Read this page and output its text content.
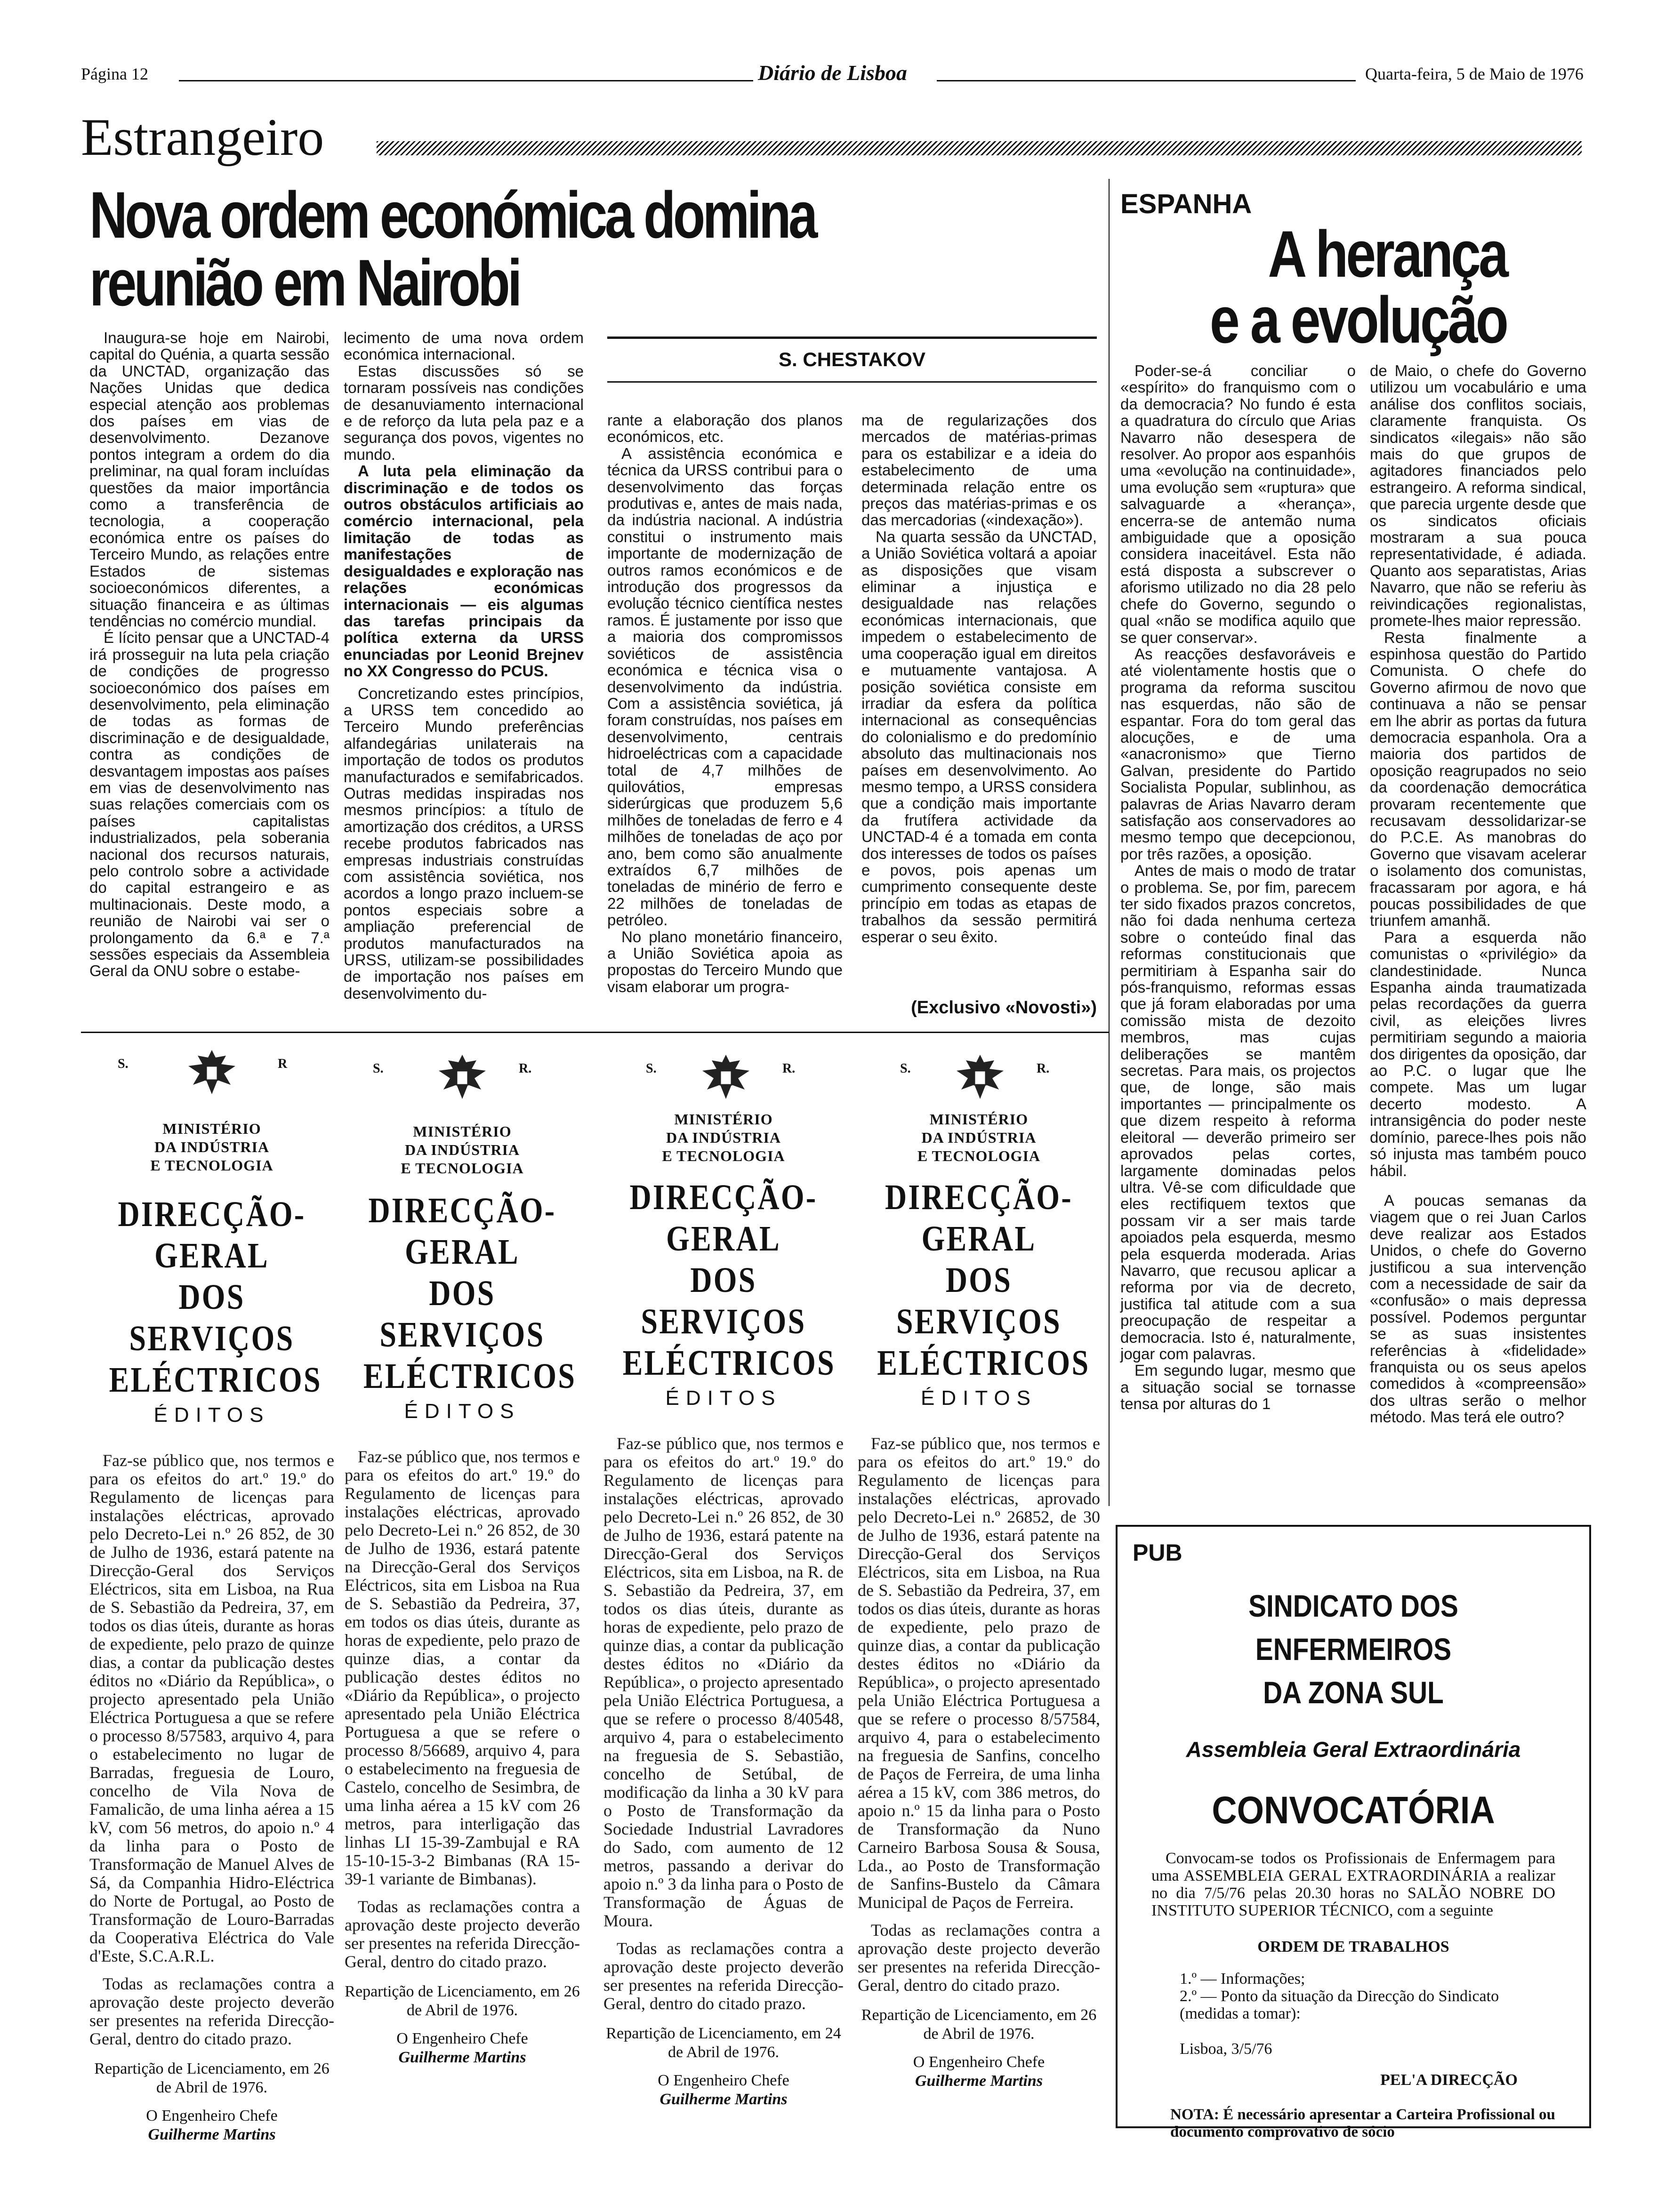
Página 12	Diário de Lisboa	Quarta-feira, 5 de Maio de 1976
Estrangeiro
Nova ordem económica domina
reunião em Nairobi
S. CHESTAKOV

Inaugura-se hoje em Nairobi, capital do Quénia, a quarta sessão da UNCTAD, organização das Nações Unidas que dedica especial atenção aos problemas dos países em vias de desenvolvimento. Dezanove pontos integram a ordem do dia preliminar, na qual foram incluídas questões da maior importância como a transferência de tecnologia, a cooperação económica entre os países do Terceiro Mundo, as relações entre Estados de sistemas socioeconómicos diferentes, a situação financeira e as últimas tendências no comércio mundial.

É lícito pensar que a UNCTAD-4 irá prosseguir na luta pela criação de condições de progresso socioeconómico dos países em desenvolvimento, pela eliminação de todas as formas de discriminação e de desigualdade, contra as condições de desvantagem impostas aos países em vias de desenvolvimento nas suas relações comerciais com os países capitalistas industrializados, pela soberania nacional dos recursos naturais, pelo controlo sobre a actividade do capital estrangeiro e as multinacionais. Deste modo, a reunião de Nairobi vai ser o prolongamento da 6.ª e 7.ª sessões especiais da Assembleia Geral da ONU sobre o estabe-

lecimento de uma nova ordem económica internacional.

Estas discussões só se tornaram possíveis nas condições de desanuviamento internacional e de reforço da luta pela paz e a segurança dos povos, vigentes no mundo.

A luta pela eliminação da discriminação e de todos os outros obstáculos artificiais ao comércio internacional, pela limitação de todas as manifestações de desigualdades e exploração nas relações económicas internacionais — eis algumas das tarefas principais da política externa da URSS enunciadas por Leonid Brejnev no XX Congresso do PCUS.

Concretizando estes princípios, a URSS tem concedido ao Terceiro Mundo preferências alfandegárias unilaterais na importação de todos os produtos manufacturados e semifabricados. Outras medidas inspiradas nos mesmos princípios: a título de amortização dos créditos, a URSS recebe produtos fabricados nas empresas industriais construídas com assistência soviética, nos acordos a longo prazo incluem-se pontos especiais sobre a ampliação preferencial de produtos manufacturados na URSS, utilizam-se possibilidades de importação nos países em desenvolvimento du-

rante a elaboração dos planos económicos, etc.

A assistência económica e técnica da URSS contribui para o desenvolvimento das forças produtivas e, antes de mais nada, da indústria nacional. A indústria constitui o instrumento mais importante de modernização de outros ramos económicos e de introdução dos progressos da evolução técnico científica nestes ramos. É justamente por isso que a maioria dos compromissos soviéticos de assistência económica e técnica visa o desenvolvimento da indústria. Com a assistência soviética, já foram construídas, nos países em desenvolvimento, centrais hidroeléctricas com a capacidade total de 4,7 milhões de quilovátios, empresas siderúrgicas que produzem 5,6 milhões de toneladas de ferro e 4 milhões de toneladas de aço por ano, bem como são anualmente extraídos 6,7 milhões de toneladas de minério de ferro e 22 milhões de toneladas de petróleo.

No plano monetário financeiro, a União Soviética apoia as propostas do Terceiro Mundo que visam elaborar um progra-

ma de regularizações dos mercados de matérias-primas para os estabilizar e a ideia do estabelecimento de uma determinada relação entre os preços das matérias-primas e os das mercadorias («indexação»).

Na quarta sessão da UNCTAD, a União Soviética voltará a apoiar as disposições que visam eliminar a injustiça e desigualdade nas relações económicas internacionais, que impedem o estabelecimento de uma cooperação igual em direitos e mutuamente vantajosa. A posição soviética consiste em irradiar da esfera da política internacional as consequências do colonialismo e do predomínio absoluto das multinacionais nos países em desenvolvimento. Ao mesmo tempo, a URSS considera que a condição mais importante da frutífera actividade da UNCTAD-4 é a tomada em conta dos interesses de todos os países e povos, pois apenas um cumprimento consequente deste princípio em todas as etapas de trabalhos da sessão permitirá esperar o seu êxito.

(Exclusivo «Novosti»)
ESPANHA
A herança
e a evolução

Poder-se-á conciliar o «espírito» do franquismo com o da democracia? No fundo é esta a quadratura do círculo que Arias Navarro não desespera de resolver. Ao propor aos espanhóis uma «evolução na continuidade», uma evolução sem «ruptura» que salvaguarde a «herança», encerra-se de antemão numa ambiguidade que a oposição considera inaceitável. Esta não está disposta a subscrever o aforismo utilizado no dia 28 pelo chefe do Governo, segundo o qual «não se modifica aquilo que se quer conservar».

As reacções desfavoráveis e até violentamente hostis que o programa da reforma suscitou nas esquerdas, não são de espantar. Fora do tom geral das alocuções, e de uma «anacronismo» que Tierno Galvan, presidente do Partido Socialista Popular, sublinhou, as palavras de Arias Navarro deram satisfação aos conservadores ao mesmo tempo que decepcionou, por três razões, a oposição.

Antes de mais o modo de tratar o problema. Se, por fim, parecem ter sido fixados prazos concretos, não foi dada nenhuma certeza sobre o conteúdo final das reformas constitucionais que permitiriam à Espanha sair do pós-franquismo, reformas essas que já foram elaboradas por uma comissão mista de dezoito membros, mas cujas deliberações se mantêm secretas. Para mais, os projectos que, de longe, são mais importantes — principalmente os que dizem respeito à reforma eleitoral — deverão primeiro ser aprovados pelas cortes, largamente dominadas pelos ultra. Vê-se com dificuldade que eles rectifiquem textos que possam vir a ser mais tarde apoiados pela esquerda, mesmo pela esquerda moderada. Arias Navarro, que recusou aplicar a reforma por via de decreto, justifica tal atitude com a sua preocupação de respeitar a democracia. Isto é, naturalmente, jogar com palavras.

Em segundo lugar, mesmo que a situação social se tornasse tensa por alturas do 1

de Maio, o chefe do Governo utilizou um vocabulário e uma análise dos conflitos sociais, claramente franquista. Os sindicatos «ilegais» não são mais do que grupos de agitadores financiados pelo estrangeiro. A reforma sindical, que parecia urgente desde que os sindicatos oficiais mostraram a sua pouca representatividade, é adiada. Quanto aos separatistas, Arias Navarro, que não se referiu às reivindicações regionalistas, promete-lhes maior repressão.

Resta finalmente a espinhosa questão do Partido Comunista. O chefe do Governo afirmou de novo que continuava a não se pensar em lhe abrir as portas da futura democracia espanhola. Ora a maioria dos partidos de oposição reagrupados no seio da coordenação democrática provaram recentemente que recusavam dessolidarizar-se do P.C.E. As manobras do Governo que visavam acelerar o isolamento dos comunistas, fracassaram por agora, e há poucas possibilidades de que triunfem amanhã.

Para a esquerda não comunistas o «privilégio» da clandestinidade. Nunca Espanha ainda traumatizada pelas recordações da guerra civil, as eleições livres permitiriam segundo a maioria dos dirigentes da oposição, dar ao P.C. o lugar que lhe compete. Mas um lugar decerto modesto. A intransigência do poder neste domínio, parece-lhes pois não só injusta mas também pouco hábil.

A poucas semanas da viagem que o rei Juan Carlos deve realizar aos Estados Unidos, o chefe do Governo justificou a sua intervenção com a necessidade de sair da «confusão» o mais depressa possível. Podemos perguntar se as suas insistentes referências à «fidelidade» franquista ou os seus apelos comedidos à «compreensão» dos ultras serão o melhor método. Mas terá ele outro?

S.	R
MINISTÉRIO
DA INDÚSTRIA
E TECNOLOGIA
DIRECÇÃO-GERAL
DOS SERVIÇOS
ELÉCTRICOS
ÉDITOS

Faz-se público que, nos termos e para os efeitos do art.º 19.º do Regulamento de licenças para instalações eléctricas, aprovado pelo Decreto-Lei n.º 26 852, de 30 de Julho de 1936, estará patente na Direcção-Geral dos Serviços Eléctricos, sita em Lisboa, na Rua de S. Sebastião da Pedreira, 37, em todos os dias úteis, durante as horas de expediente, pelo prazo de quinze dias, a contar da publicação destes éditos no «Diário da República», o projecto apresentado pela União Eléctrica Portuguesa a que se refere o processo 8/57583, arquivo 4, para o estabelecimento no lugar de Barradas, freguesia de Louro, concelho de Vila Nova de Famalicão, de uma linha aérea a 15 kV, com 56 metros, do apoio n.º 4 da linha para o Posto de Transformação de Manuel Alves de Sá, da Companhia Hidro-Eléctrica do Norte de Portugal, ao Posto de Transformação de Louro-Barradas da Cooperativa Eléctrica do Vale d'Este, S.C.A.R.L.

Todas as reclamações contra a aprovação deste projecto deverão ser presentes na referida Direcção-Geral, dentro do citado prazo.

Repartição de Licenciamento, em 26 de Abril de 1976.
O Engenheiro Chefe
Guilherme Martins
S.	R.
MINISTÉRIO
DA INDÚSTRIA
E TECNOLOGIA
DIRECÇÃO-GERAL
DOS SERVIÇOS
ELÉCTRICOS
ÉDITOS

Faz-se público que, nos termos e para os efeitos do art.º 19.º do Regulamento de licenças para instalações eléctricas, aprovado pelo Decreto-Lei n.º 26 852, de 30 de Julho de 1936, estará patente na Direcção-Geral dos Serviços Eléctricos, sita em Lisboa na Rua de S. Sebastião da Pedreira, 37, em todos os dias úteis, durante as horas de expediente, pelo prazo de quinze dias, a contar da publicação destes éditos no «Diário da República», o projecto apresentado pela União Eléctrica Portuguesa a que se refere o processo 8/56689, arquivo 4, para o estabelecimento na freguesia de Castelo, concelho de Sesimbra, de uma linha aérea a 15 kV com 26 metros, para interligação das linhas LI 15-39-Zambujal e RA 15-10-15-3-2 Bimbanas (RA 15-39-1 variante de Bimbanas).

Todas as reclamações contra a aprovação deste projecto deverão ser presentes na referida Direcção-Geral, dentro do citado prazo.

Repartição de Licenciamento, em 26 de Abril de 1976.
O Engenheiro Chefe
Guilherme Martins
S.	R.
MINISTÉRIO
DA INDÚSTRIA
E TECNOLOGIA
DIRECÇÃO-GERAL
DOS SERVIÇOS
ELÉCTRICOS
ÉDITOS

Faz-se público que, nos termos e para os efeitos do art.º 19.º do Regulamento de licenças para instalações eléctricas, aprovado pelo Decreto-Lei n.º 26 852, de 30 de Julho de 1936, estará patente na Direcção-Geral dos Serviços Eléctricos, sita em Lisboa, na R. de S. Sebastião da Pedreira, 37, em todos os dias úteis, durante as horas de expediente, pelo prazo de quinze dias, a contar da publicação destes éditos no «Diário da República», o projecto apresentado pela União Eléctrica Portuguesa, a que se refere o processo 8/40548, arquivo 4, para o estabelecimento na freguesia de S. Sebastião, concelho de Setúbal, de modificação da linha a 30 kV para o Posto de Transformação da Sociedade Industrial Lavradores do Sado, com aumento de 12 metros, passando a derivar do apoio n.º 3 da linha para o Posto de Transformação de Águas de Moura.

Todas as reclamações contra a aprovação deste projecto deverão ser presentes na referida Direcção-Geral, dentro do citado prazo.

Repartição de Licenciamento, em 24 de Abril de 1976.
O Engenheiro Chefe
Guilherme Martins
S.	R.
MINISTÉRIO
DA INDÚSTRIA
E TECNOLOGIA
DIRECÇÃO-GERAL
DOS SERVIÇOS
ELÉCTRICOS
ÉDITOS

Faz-se público que, nos termos e para os efeitos do art.º 19.º do Regulamento de licenças para instalações eléctricas, aprovado pelo Decreto-Lei n.º 26852, de 30 de Julho de 1936, estará patente na Direcção-Geral dos Serviços Eléctricos, sita em Lisboa, na Rua de S. Sebastião da Pedreira, 37, em todos os dias úteis, durante as horas de expediente, pelo prazo de quinze dias, a contar da publicação destes éditos no «Diário da República», o projecto apresentado pela União Eléctrica Portuguesa a que se refere o processo 8/57584, arquivo 4, para o estabelecimento na freguesia de Sanfins, concelho de Paços de Ferreira, de uma linha aérea a 15 kV, com 386 metros, do apoio n.º 15 da linha para o Posto de Transformação da Nuno Carneiro Barbosa Sousa & Sousa, Lda., ao Posto de Transformação de Sanfins-Bustelo da Câmara Municipal de Paços de Ferreira.

Todas as reclamações contra a aprovação deste projecto deverão ser presentes na referida Direcção-Geral, dentro do citado prazo.

Repartição de Licenciamento, em 26 de Abril de 1976.
O Engenheiro Chefe
Guilherme Martins
PUB
SINDICATO DOS ENFERMEIROS
DA ZONA SUL
Assembleia Geral Extraordinária
CONVOCATÓRIA
Convocam-se todos os Profissionais de Enfermagem para uma ASSEMBLEIA GERAL EXTRAORDINÁRIA a realizar no dia 7/5/76 pelas 20.30 horas no SALÃO NOBRE DO INSTITUTO SUPERIOR TÉCNICO, com a seguinte
ORDEM DE TRABALHOS
1.º — Informações;
2.º — Ponto da situação da Direcção do Sindicato (medidas a tomar):
Lisboa, 3/5/76
PEL'A DIRECÇÃO
NOTA: É necessário apresentar a Carteira Profissional ou documento comprovativo de sócio
